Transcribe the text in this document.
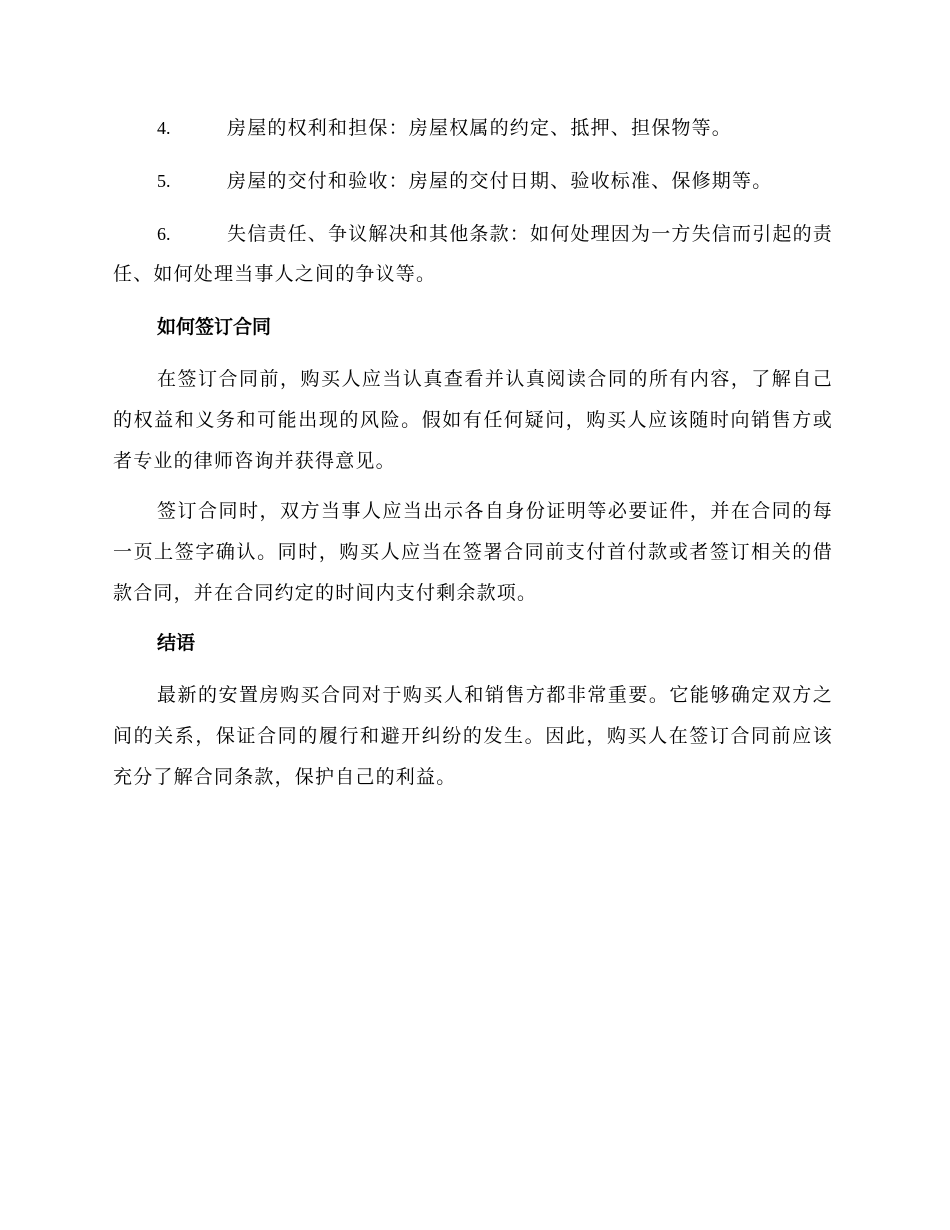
4.	房屋的权利和担保：房屋权属的约定、抵押、担保物等。
5.	房屋的交付和验收：房屋的交付日期、验收标准、保修期等。
6.	失信责任、争议解决和其他条款：如何处理因为一方失信而引起的责任、如何处理当事人之间的争议等。
如何签订合同

在签订合同前，购买人应当认真查看并认真阅读合同的所有内容，了解自己的权益和义务和可能出现的风险。假如有任何疑问，购买人应该随时向销售方或者专业的律师咨询并获得意见。

签订合同时，双方当事人应当出示各自身份证明等必要证件，并在合同的每一页上签字确认。同时，购买人应当在签署合同前支付首付款或者签订相关的借款合同，并在合同约定的时间内支付剩余款项。

结语

最新的安置房购买合同对于购买人和销售方都非常重要。它能够确定双方之间的关系，保证合同的履行和避开纠纷的发生。因此，购买人在签订合同前应该充分了解合同条款，保护自己的利益。
